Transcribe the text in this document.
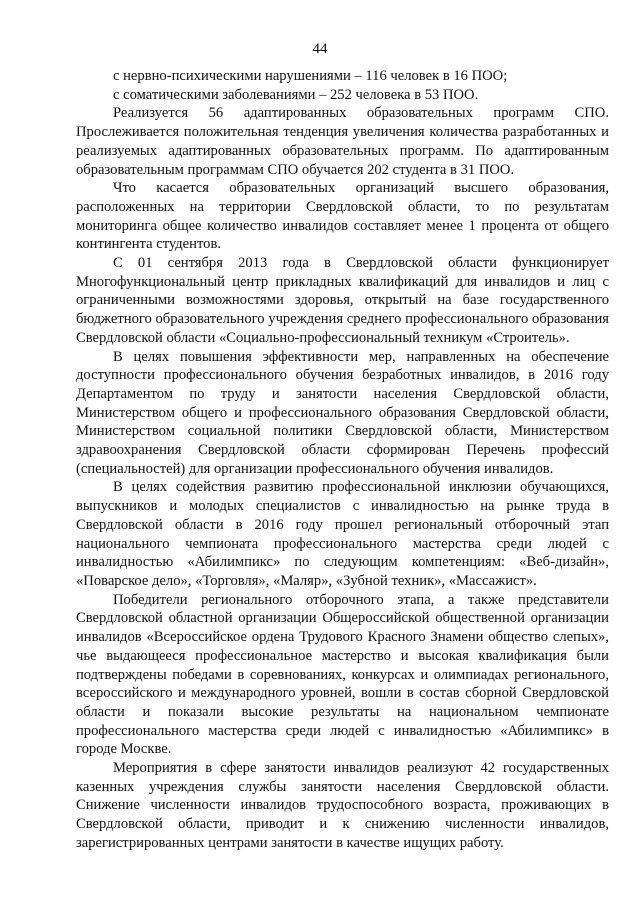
44

с нервно-психическими нарушениями – 116 человек в 16 ПОО;

с соматическими заболеваниями – 252 человека в 53 ПОО.

Реализуется 56 адаптированных образовательных программ СПО. Прослеживается положительная тенденция увеличения количества разработанных и реализуемых адаптированных образовательных программ. По адаптированным образовательным программам СПО обучается 202 студента в 31 ПОО.

Что касается образовательных организаций высшего образования, расположенных на территории Свердловской области, то по результатам мониторинга общее количество инвалидов составляет менее 1 процента от общего контингента студентов.

С 01 сентября 2013 года в Свердловской области функционирует Многофункциональный центр прикладных квалификаций для инвалидов и лиц с ограниченными возможностями здоровья, открытый на базе государственного бюджетного образовательного учреждения среднего профессионального образования Свердловской области «Социально-профессиональный техникум «Строитель».

В целях повышения эффективности мер, направленных на обеспечение доступности профессионального обучения безработных инвалидов, в 2016 году Департаментом по труду и занятости населения Свердловской области, Министерством общего и профессионального образования Свердловской области, Министерством социальной политики Свердловской области, Министерством здравоохранения Свердловской области сформирован Перечень профессий (специальностей) для организации профессионального обучения инвалидов.

В целях содействия развитию профессиональной инклюзии обучающихся, выпускников и молодых специалистов с инвалидностью на рынке труда в Свердловской области в 2016 году прошел региональный отборочный этап национального чемпионата профессионального мастерства среди людей с инвалидностью «Абилимпикс» по следующим компетенциям: «Веб-дизайн», «Поварское дело», «Торговля», «Маляр», «Зубной техник», «Массажист».

Победители регионального отборочного этапа, а также представители Свердловской областной организации Общероссийской общественной организации инвалидов «Всероссийское ордена Трудового Красного Знамени общество слепых», чье выдающееся профессиональное мастерство и высокая квалификация были подтверждены победами в соревнованиях, конкурсах и олимпиадах регионального, всероссийского и международного уровней, вошли в состав сборной Свердловской области и показали высокие результаты на национальном чемпионате профессионального мастерства среди людей с инвалидностью «Абилимпикс» в городе Москве.

Мероприятия в сфере занятости инвалидов реализуют 42 государственных казенных учреждения службы занятости населения Свердловской области. Снижение численности инвалидов трудоспособного возраста, проживающих в Свердловской области, приводит и к снижению численности инвалидов, зарегистрированных центрами занятости в качестве ищущих работу.
